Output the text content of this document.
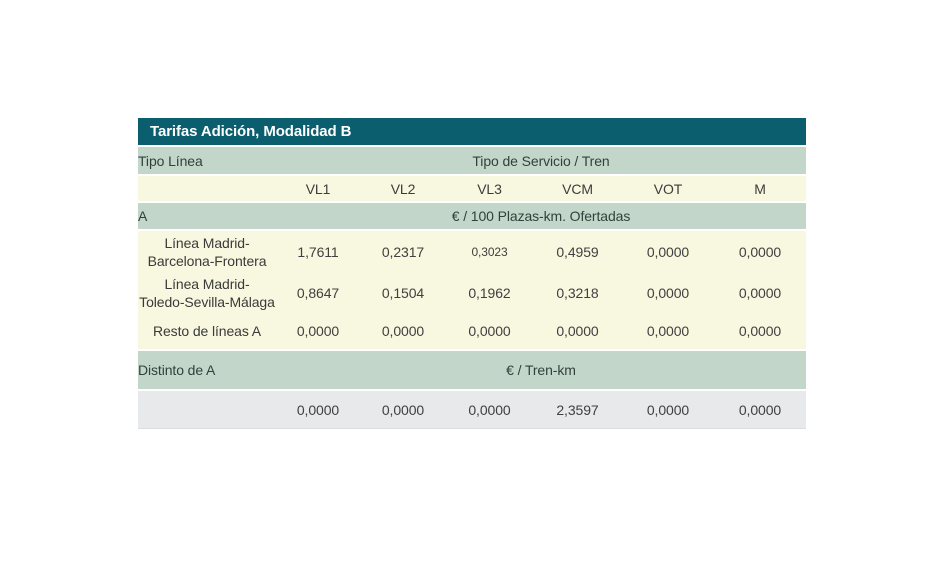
Tarifas Adición, Modalidad B						
Tipo Línea	Tipo de Servicio / Tren					
	VL1	VL2	VL3	VCM	VOT	M
A	€ / 100 Plazas-km. Ofertadas					

Línea Madrid-
Barcelona-Frontera	1,7611	0,2317	0,3023	0,4959	0,0000	0,0000

Línea Madrid-
Toledo-Sevilla-Málaga	0,8647	0,1504	0,1962	0,3218	0,0000	0,0000

Resto de líneas A	0,0000	0,0000	0,0000	0,0000	0,0000	0,0000
Distinto de A	€ / Tren-km					
	0,0000	0,0000	0,0000	2,3597	0,0000	0,0000
